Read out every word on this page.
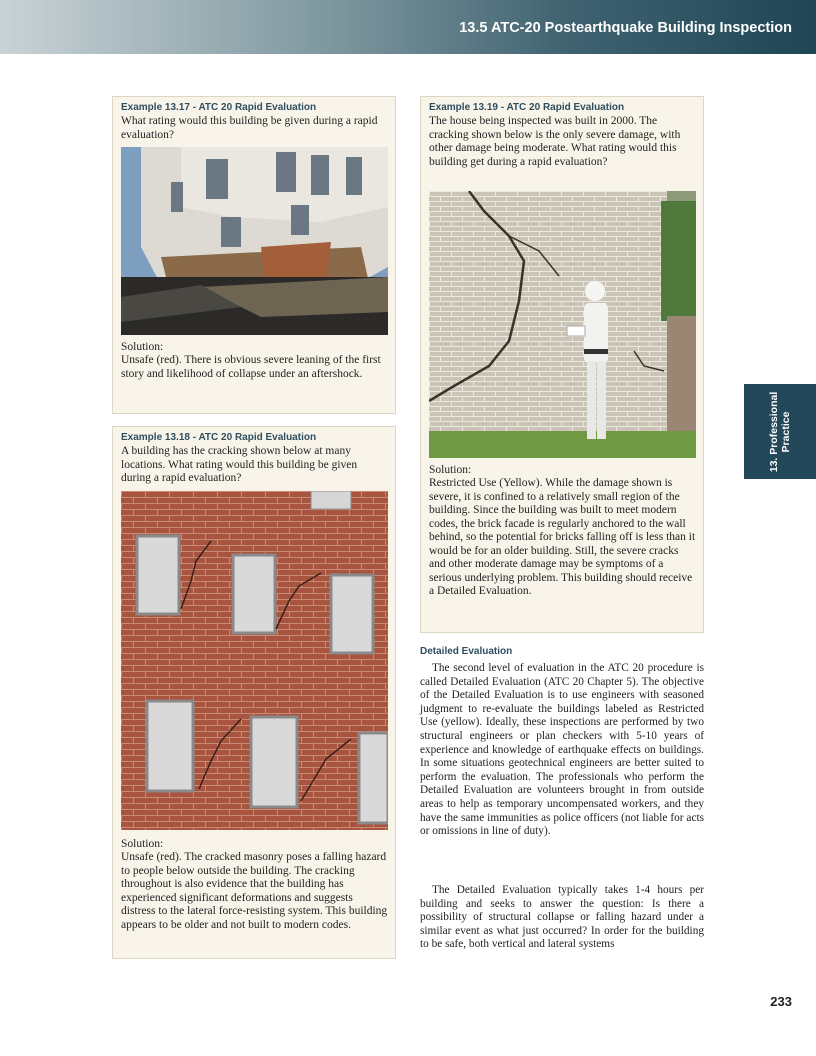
13.5 ATC-20 Postearthquake Building Inspection
13. Professional Practice

Example 13.17 - ATC 20 Rapid Evaluation

What rating would this building be given during a rapid evaluation?

Solution:

Unsafe (red). There is obvious severe leaning of the first story and likelihood of collapse under an aftershock.

Example 13.18 - ATC 20 Rapid Evaluation

A building has the cracking shown below at many locations. What rating would this building be given during a rapid evaluation?

Solution:

Unsafe (red). The cracked masonry poses a falling hazard to people below outside the building. The cracking throughout is also evidence that the building has experienced significant deformations and suggests distress to the lateral force-resisting system. This building appears to be older and not built to modern codes.

Example 13.19 - ATC 20 Rapid Evaluation

The house being inspected was built in 2000. The cracking shown below is the only severe damage, with other damage being moderate. What rating would this building get during a rapid evaluation?

Solution:

Restricted Use (Yellow). While the damage shown is severe, it is confined to a relatively small region of the building. Since the building was built to meet modern codes, the brick facade is regularly anchored to the wall behind, so the potential for bricks falling off is less than it would be for an older building. Still, the severe cracks and other moderate damage may be symptoms of a serious underlying problem. This building should receive a Detailed Evaluation.

Detailed Evaluation

The second level of evaluation in the ATC 20 procedure is called Detailed Evaluation (ATC 20 Chapter 5). The objective of the Detailed Evaluation is to use engineers with seasoned judgment to re-evaluate the buildings labeled as Restricted Use (yellow). Ideally, these inspections are performed by two structural engineers or plan checkers with 5-10 years of experience and knowledge of earthquake effects on buildings. In some situations geotechnical engineers are better suited to perform the evaluation. The professionals who perform the Detailed Evaluation are volunteers brought in from outside areas to help as temporary uncompensated workers, and they have the same immunities as police officers (not liable for acts or omissions in line of duty).

The Detailed Evaluation typically takes 1-4 hours per building and seeks to answer the question: Is there a possibility of structural collapse or falling hazard under a similar event as what just occurred? In order for the building to be safe, both vertical and lateral systems

233
